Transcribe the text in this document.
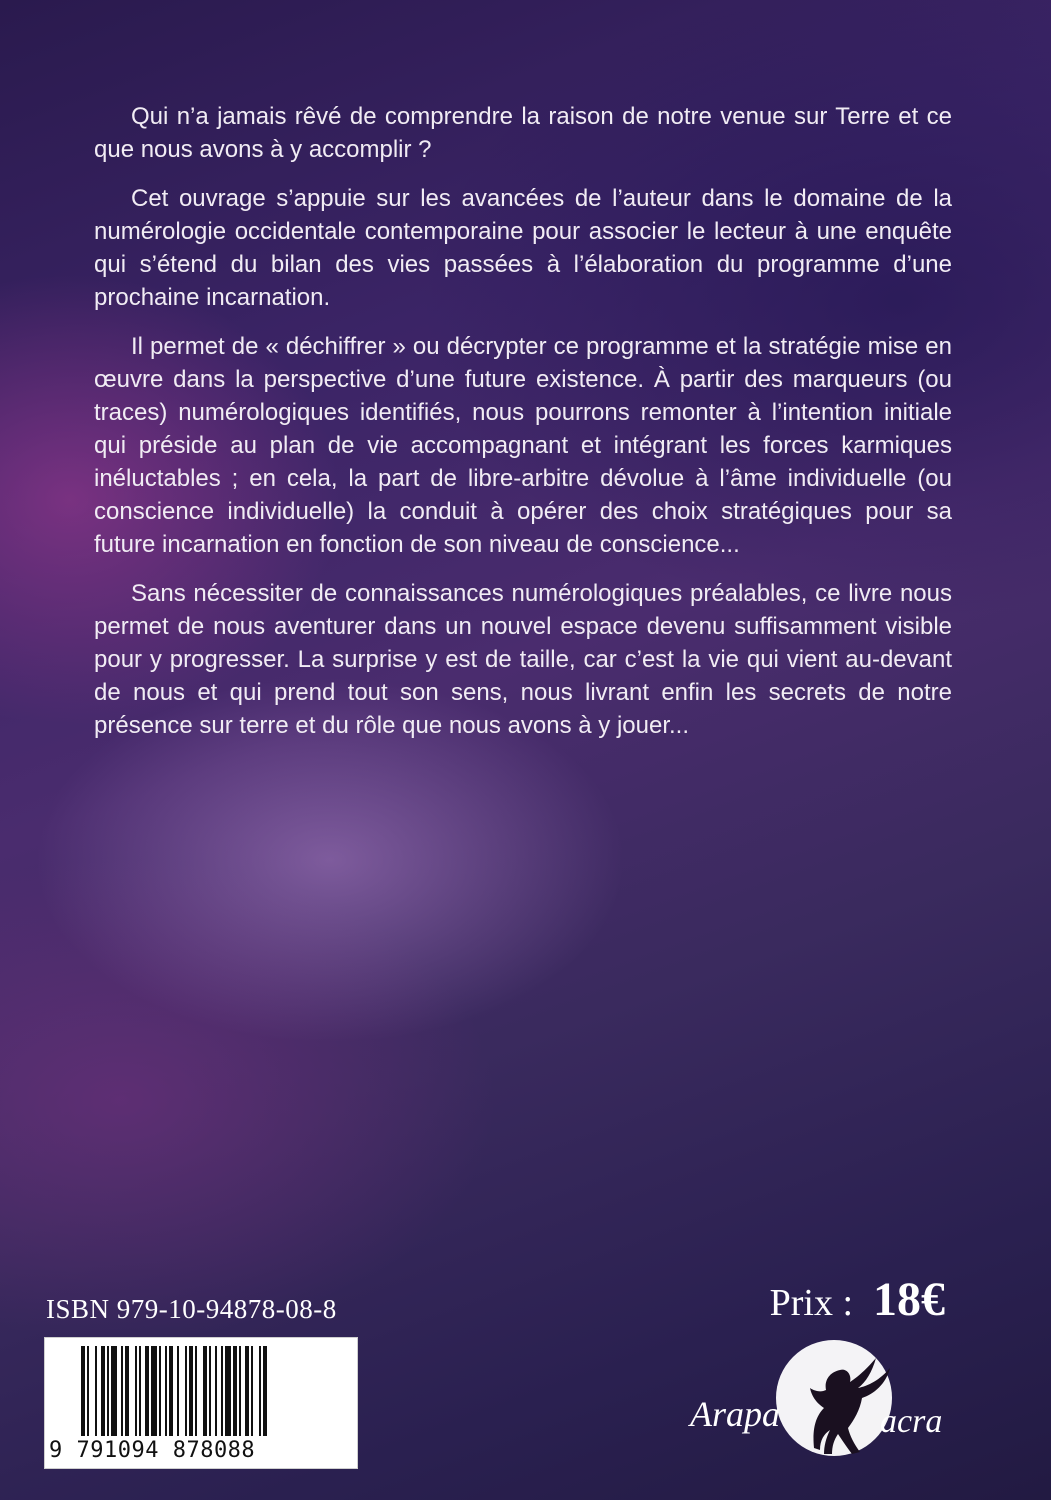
Qui n’a jamais rêvé de comprendre la raison de notre venue sur Terre et ce que nous avons à y accomplir ?

Cet ouvrage s’appuie sur les avancées de l’auteur dans le domaine de la numérologie occidentale contemporaine pour associer le lecteur à une enquête qui s’étend du bilan des vies passées à l’élaboration du programme d’une prochaine incarnation.

Il permet de « déchiffrer » ou décrypter ce programme et la stratégie mise en œuvre dans la perspective d’une future existence. À partir des marqueurs (ou traces) numérologiques identifiés, nous pourrons remonter à l’intention initiale qui préside au plan de vie accompagnant et intégrant les forces karmiques inéluctables ; en cela, la part de libre-arbitre dévolue à l’âme individuelle (ou conscience individuelle) la conduit à opérer des choix stratégiques pour sa future incarnation en fonction de son niveau de conscience...

Sans nécessiter de connaissances numérologiques préalables, ce livre nous permet de nous aventurer dans un nouvel espace devenu suffisamment visible pour y progresser. La surprise y est de taille, car c’est la vie qui vient au-devant de nous et qui prend tout son sens, nous livrant enfin les secrets de notre présence sur terre et du rôle que nous avons à y jouer...

ISBN 979-10-94878-08-8
9 791094 878088
Prix : 18€
Arapa	acra
